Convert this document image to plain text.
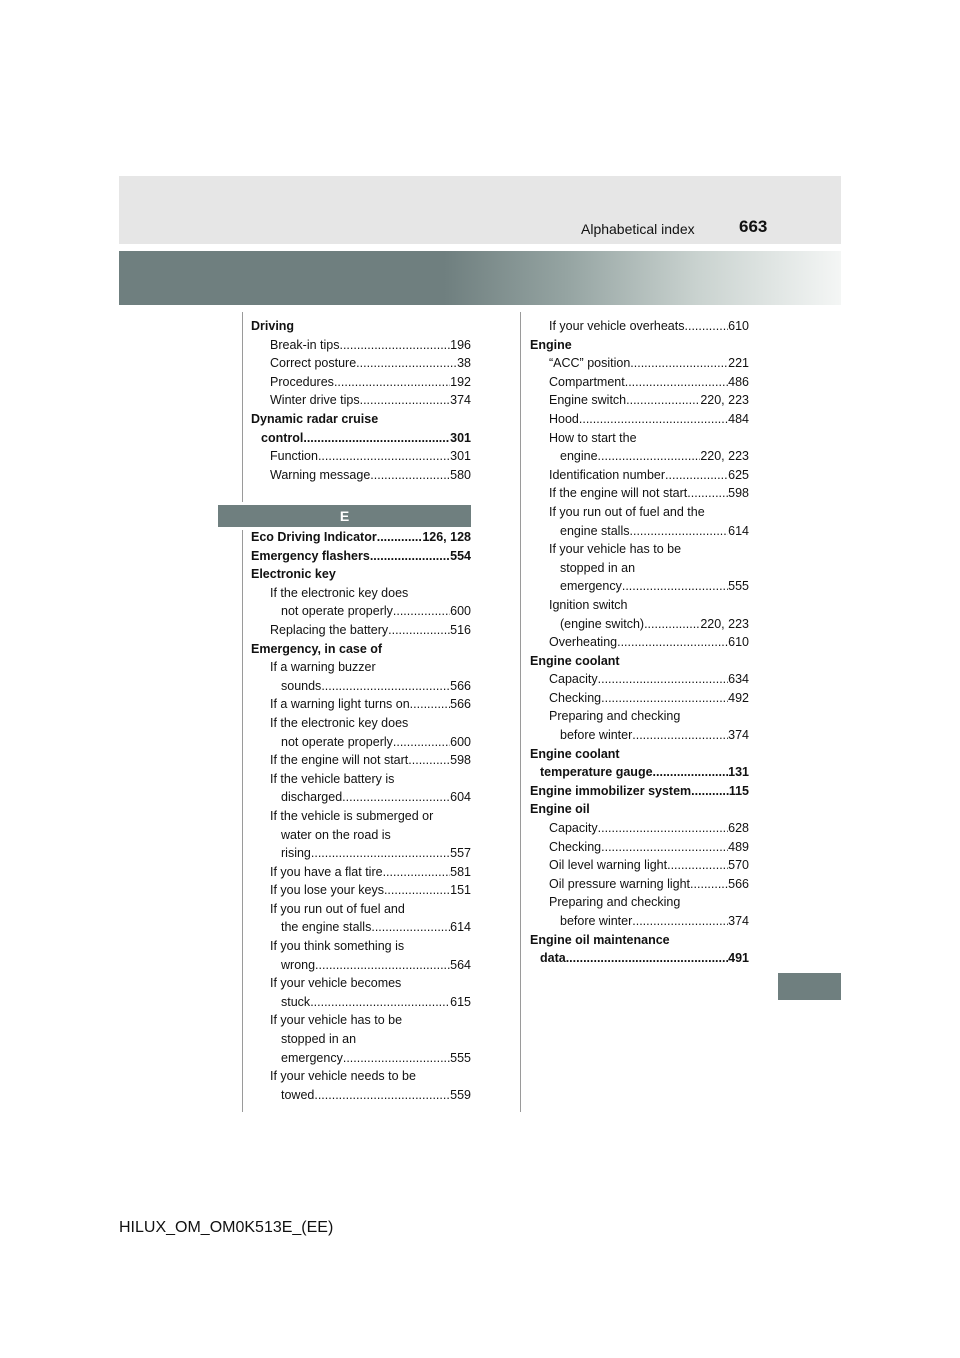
Alphabetical index	663
Driving
Break-in tips .....	196
Correct posture .....	38
Procedures .....	192
Winter drive tips .....	374
Dynamic radar cruise
control .....	301
Function .....	301
Warning message .....	580
E
Eco Driving Indicator .....	126, 128
Emergency flashers .....	554
Electronic key
If the electronic key does
not operate properly .....	600
Replacing the battery .....	516
Emergency, in case of
If a warning buzzer
sounds .....	566
If a warning light turns on .....	566
If the electronic key does
not operate properly .....	600
If the engine will not start .....	598
If the vehicle battery is
discharged .....	604
If the vehicle is submerged or
water on the road is
rising .....	557
If you have a flat tire .....	581
If you lose your keys .....	151
If you run out of fuel and
the engine stalls .....	614
If you think something is
wrong .....	564
If your vehicle becomes
stuck .....	615
If your vehicle has to be
stopped in an
emergency .....	555
If your vehicle needs to be
towed .....	559
If your vehicle overheats .....	610
Engine
“ACC” position .....	221
Compartment .....	486
Engine switch .....	220, 223
Hood .....	484
How to start the
engine .....	220, 223
Identification number .....	625
If the engine will not start .....	598
If you run out of fuel and the
engine stalls .....	614
If your vehicle has to be
stopped in an
emergency .....	555
Ignition switch
(engine switch) .....	220, 223
Overheating .....	610
Engine coolant
Capacity .....	634
Checking .....	492
Preparing and checking
before winter .....	374
Engine coolant
temperature gauge .....	131
Engine immobilizer system .....	115
Engine oil
Capacity .....	628
Checking .....	489
Oil level warning light .....	570
Oil pressure warning light .....	566
Preparing and checking
before winter .....	374
Engine oil maintenance
data .....	491
HILUX_OM_OM0K513E_(EE)
